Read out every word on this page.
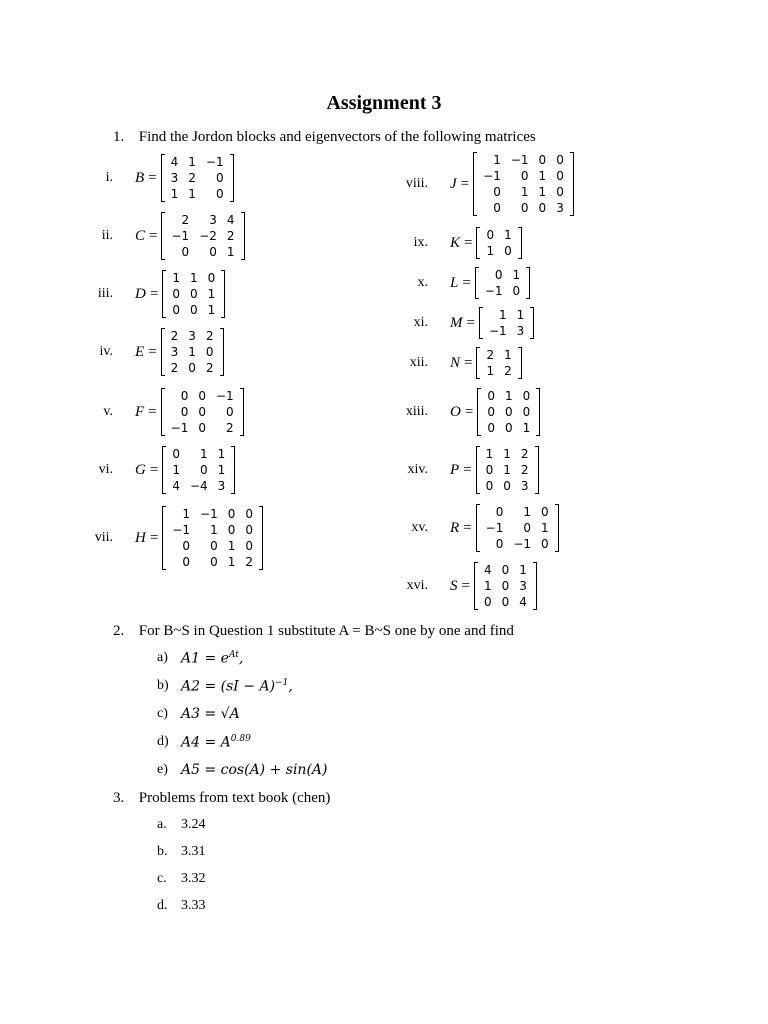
Assignment 3
1. Find the Jordon blocks and eigenvectors of the following matrices
i.	B =
4 1 −1
3 2	0
1 1	0
ii.	C =
2	3 4
−1 −2 2
0	0 1
iii.	D =
1 1 0
0 0 1
0 0 1
iv.	E =
2 3 2
3 1 0
2 0 2
v.	F =
0 0 −1
0 0	0
−1 0	2
vi.	G =
0	1 1
1	0 1
4 −4 3
vii.	H =
1 −1 0 0
−1	1 0 0
0	0 1 0
0	0 1 2
viii.	J =
1 −1 0 0
−1	0 1 0
0	1 1 0
0	0 0 3
ix.	K =	0 1
1 0
x.	L =	0 1
−1 0
xi.	M =	1 1
−1 3
xii.	N =	2 1
1 2
xiii.	O =
0 1 0
0 0 0
0 0 1
xiv.	P =
1 1 2
0 1 2
0 0 3
xv.	R =
0	1 0
−1	0 1
0 −1 0
xvi.	S =
4 0 1
1 0 3
0 0 4
2. For B~S in Question 1 substitute A = B~S one by one and find
a) $A1 = e^{At}$,
b) A2 = (sI − A)$^{-1}$,
c) A3 = √A
d) $A4 = A^{0.89}$
e) A5 = cos(A) + sin(A)
3. Problems from text book (chen)
a.	3.24
b. 3.31
c.	3.32
d. 3.33
